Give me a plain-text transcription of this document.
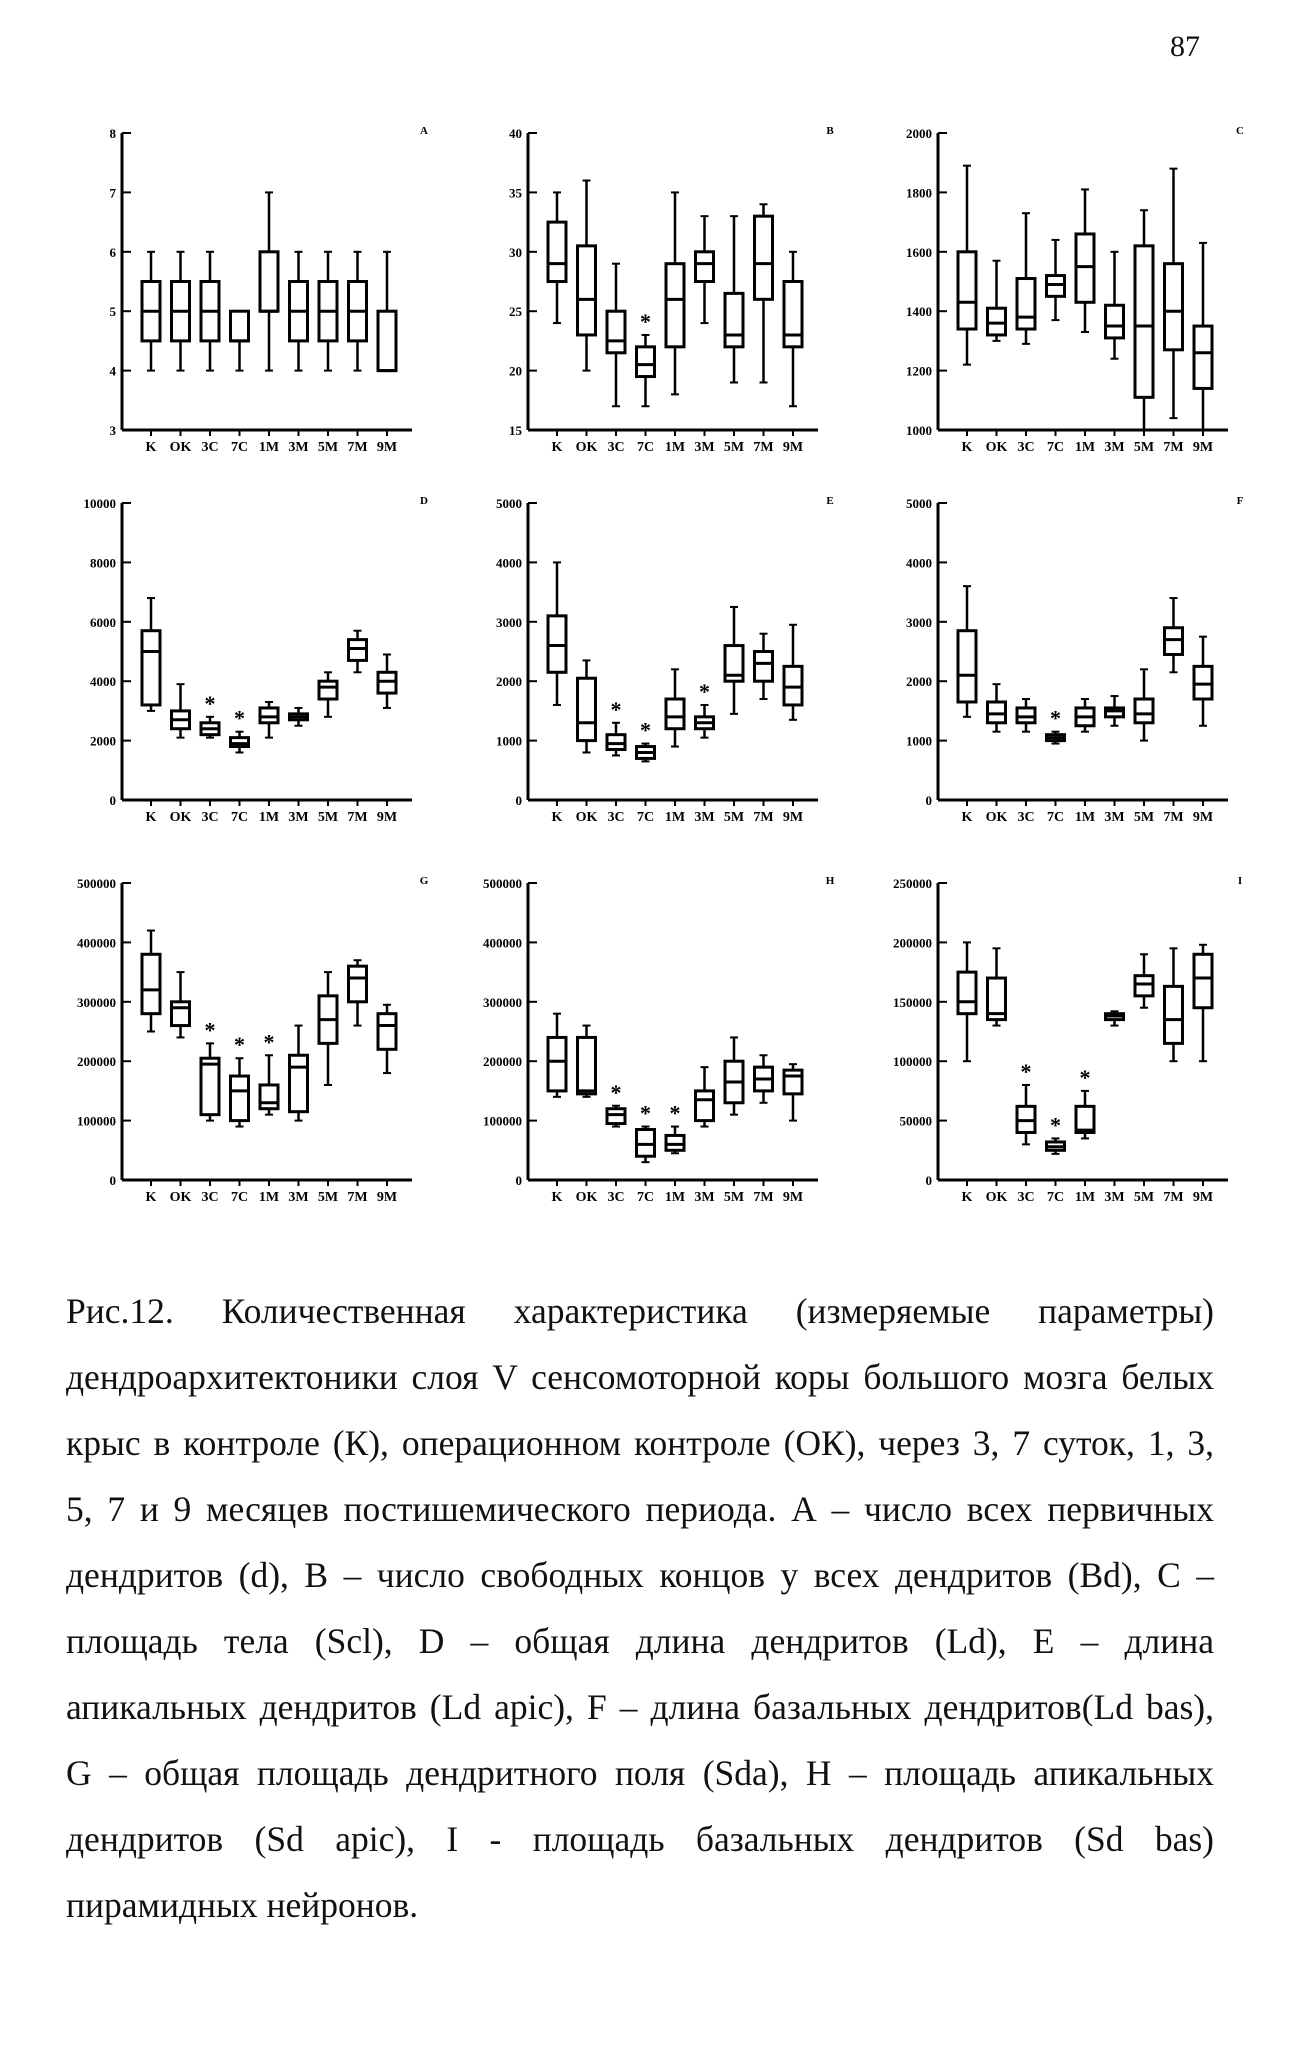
87
3
4
5
6
7
8
K OK 3C 7C 1M 3M 5M 7M 9M
A
15
20
25
30
35
40
K OK 3C 7C 1M 3M 5M 7M 9M
B
*
1000
1200
1400
1600
1800
2000
K OK 3C 7C 1M 3M 5M 7M 9M
C
0
2000
4000
6000
8000
10000
K OK 3C 7C 1M 3M 5M 7M 9M
D
*
*
0
1000
2000
3000
4000
5000
K OK 3C 7C 1M 3M 5M 7M 9M
E
*
*
*
0
1000
2000
3000
4000
5000
K OK 3C 7C 1M 3M 5M 7M 9M
F
*
0
100000
200000
300000
400000
500000
K OK 3C 7C 1M 3M 5M 7M 9M
G
*
* *
0
100000
200000
300000
400000
500000
K OK 3C 7C 1M 3M 5M 7M 9M
H
*
* *
0
50000
100000
150000
200000
250000
K OK 3C 7C 1M 3M 5M 7M 9M
I
*
*
*
Рис.12. Количественная характеристика (измеряемые параметры)
дендроархитектоники слоя V сенсомоторной коры большого мозга белых
крыс в контроле (К), операционном контроле (ОК), через 3, 7 суток, 1, 3,
5, 7 и 9 месяцев постишемического периода. А – число всех первичных
дендритов (d), В – число свободных концов у всех дендритов (Bd), С –
площадь тела (Scl), D – общая длина дендритов (Ld), Е – длина
апикальных дендритов (Ld apic), F – длина базальных дендритов(Ld bas),
G – общая площадь дендритного поля (Sda), H – площадь апикальных
дендритов (Sd apic), I - площадь базальных дендритов (Sd bas)
пирамидных нейронов.
